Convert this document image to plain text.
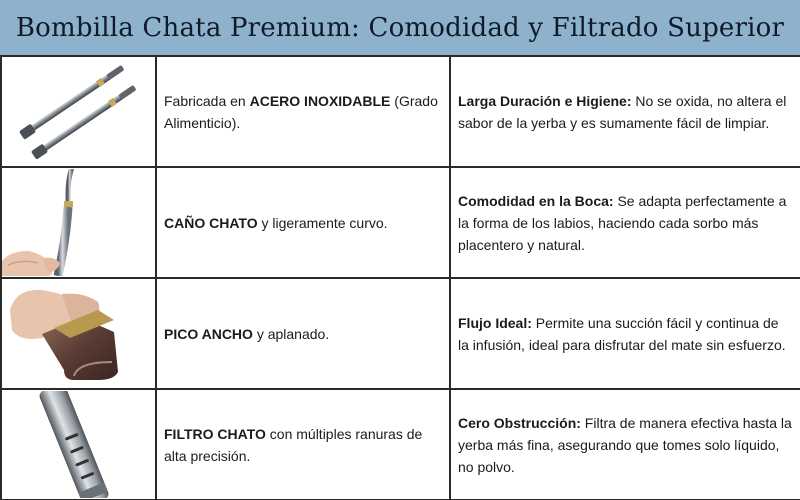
Bombilla Chata Premium: Comodidad y Filtrado Superior
	Fabricada en ACERO INOXIDABLE (Grado Alimenticio).	Larga Duración e Higiene: No se oxida, no altera el sabor de la yerba y es sumamente fácil de limpiar.

	CAÑO CHATO y ligeramente curvo.	Comodidad en la Boca: Se adapta perfectamente a la forma de los labios, haciendo cada sorbo más placentero y natural.

	PICO ANCHO y aplanado.	Flujo Ideal: Permite una succión fácil y continua de la infusión, ideal para disfrutar del mate sin esfuerzo.

	FILTRO CHATO con múltiples ranuras de alta precisión.	Cero Obstrucción: Filtra de manera efectiva hasta la yerba más fina, asegurando que tomes solo líquido, no polvo.
